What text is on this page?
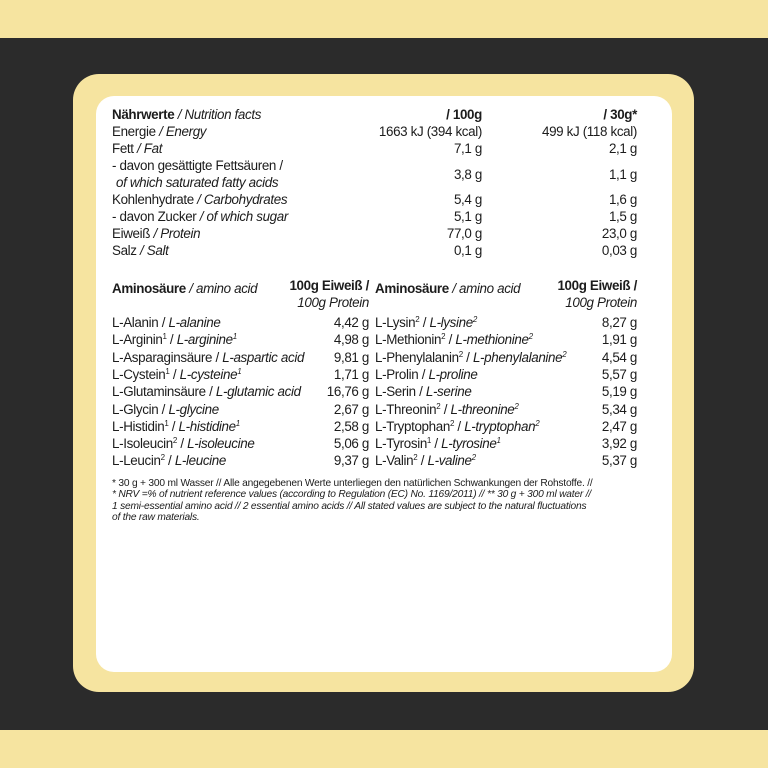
Nährwerte / Nutrition facts	/ 100g	/ 30g*
Energie / Energy	1663 kJ (394 kcal)	499 kJ (118 kcal)
Fett / Fat	7,1 g	2,1 g
- davon gesättigte Fettsäuren /
of which saturated fatty acids
3,8 g	1,1 g
Kohlenhydrate / Carbohydrates	5,4 g	1,6 g
- davon Zucker / of which sugar	5,1 g	1,5 g
Eiweiß / Protein	77,0 g	23,0 g
Salz / Salt	0,1 g	0,03 g
Aminosäure / amino acid	100g Eiweiß /
100g Protein
Aminosäure / amino acid	100g Eiweiß /
100g Protein
L-Alanin / L-alanine	4,42 g
L-Arginin$^1$ / L-arginine$^1$	4,98 g
L-Asparaginsäure / L-aspartic acid	9,81 g
L-Cystein$^1$ / L-cysteine$^1$	1,71 g
L-Glutaminsäure / L-glutamic acid	16,76 g
L-Glycin / L-glycine	2,67 g
L-Histidin$^1$ / L-histidine$^1$	2,58 g
L-Isoleucin$^2$ / L-isoleucine	5,06 g
L-Leucin$^2$ / L-leucine	9,37 g
L-Lysin$^2$ / L-lysine$^2$	8,27 g
L-Methionin$^2$ / L-methionine$^2$	1,91 g
L-Phenylalanin$^2$ / L-phenylalanine$^2$	4,54 g
L-Prolin / L-proline	5,57 g
L-Serin / L-serine	5,19 g
L-Threonin$^2$ / L-threonine$^2$	5,34 g
L-Tryptophan$^2$ / L-tryptophan$^2$	2,47 g
L-Tyrosin$^1$ / L-tyrosine$^1$	3,92 g
L-Valin$^2$ / L-valine$^2$	5,37 g
* 30 g + 300 ml Wasser // Alle angegebenen Werte unterliegen den natürlichen Schwankungen der Rohstoffe. //
* NRV =% of nutrient reference values (according to Regulation (EC) No. 1169/2011) // ** 30 g + 300 ml water //
1 semi-essential amino acid // 2 essential amino acids // All stated values are subject to the natural fluctuations
of the raw materials.
